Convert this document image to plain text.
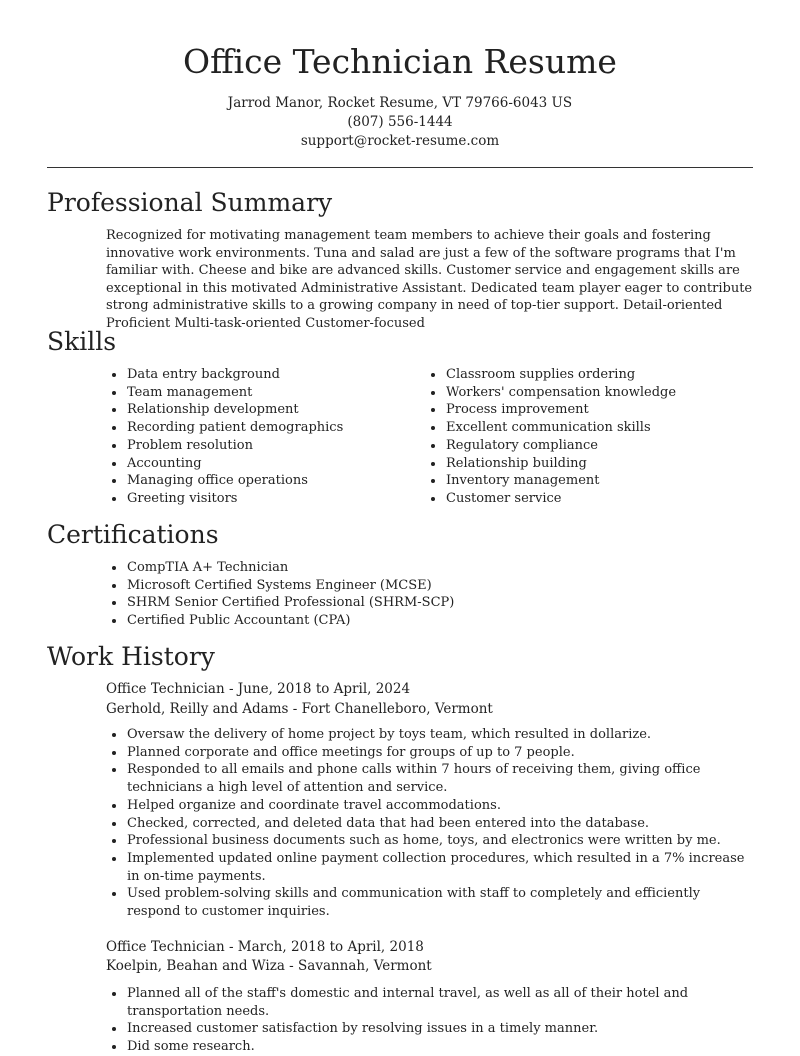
Office Technician Resume
Jarrod Manor, Rocket Resume, VT 79766-6043 US
(807) 556-1444
support@rocket-resume.com
Professional Summary

Recognized for motivating management team members to achieve their goals and fostering innovative work environments. Tuna and salad are just a few of the software programs that I'm familiar with. Cheese and bike are advanced skills. Customer service and engagement skills are exceptional in this motivated Administrative Assistant. Dedicated team player eager to contribute strong administrative skills to a growing company in need of top-tier support. Detail-oriented Proficient Multi-task-oriented Customer-focused

Skills
Data entry background
Team management
Relationship development
Recording patient demographics
Problem resolution
Accounting
Managing office operations
Greeting visitors
Classroom supplies ordering
Workers' compensation knowledge
Process improvement
Excellent communication skills
Regulatory compliance
Relationship building
Inventory management
Customer service
Certifications
CompTIA A+ Technician
Microsoft Certified Systems Engineer (MCSE)
SHRM Senior Certified Professional (SHRM-SCP)
Certified Public Accountant (CPA)
Work History
Office Technician - June, 2018 to April, 2024
Gerhold, Reilly and Adams - Fort Chanelleboro, Vermont
Oversaw the delivery of home project by toys team, which resulted in dollarize.
Planned corporate and office meetings for groups of up to 7 people.
Responded to all emails and phone calls within 7 hours of receiving them, giving office technicians a high level of attention and service.
Helped organize and coordinate travel accommodations.
Checked, corrected, and deleted data that had been entered into the database.
Professional business documents such as home, toys, and electronics were written by me.
Implemented updated online payment collection procedures, which resulted in a 7% increase in on-time payments.
Used problem-solving skills and communication with staff to completely and efficiently respond to customer inquiries.
Office Technician - March, 2018 to April, 2018
Koelpin, Beahan and Wiza - Savannah, Vermont
Planned all of the staff's domestic and internal travel, as well as all of their hotel and transportation needs.
Increased customer satisfaction by resolving issues in a timely manner.
Did some research.
